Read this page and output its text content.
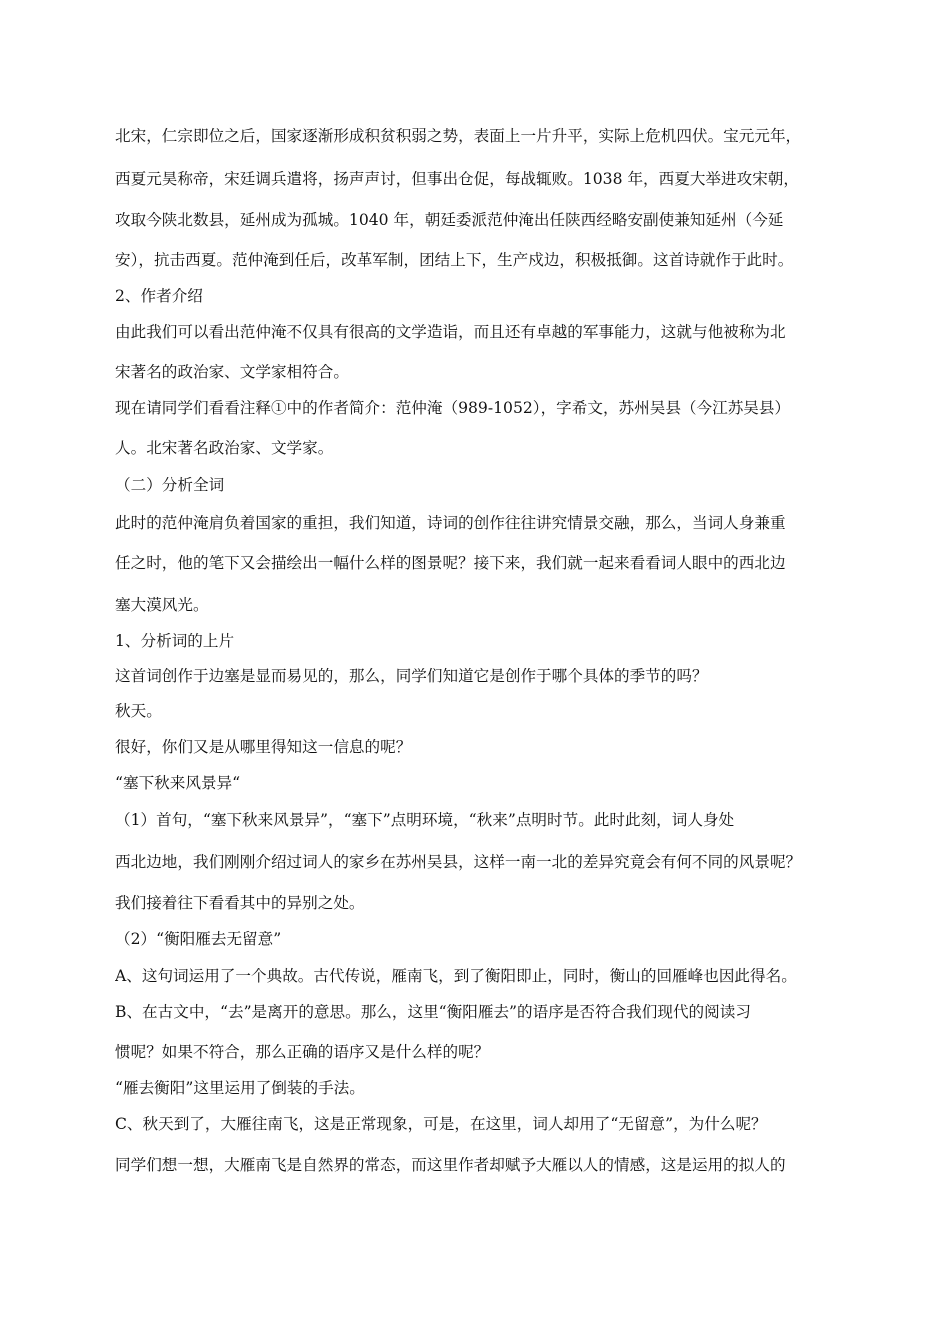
北宋，仁宗即位之后，国家逐渐形成积贫积弱之势，表面上一片升平，实际上危机四伏。宝元元年，
西夏元昊称帝，宋廷调兵遣将，扬声声讨，但事出仓促，每战辄败。1038 年，西夏大举进攻宋朝，
攻取今陕北数县，延州成为孤城。1040 年，朝廷委派范仲淹出任陕西经略安副使兼知延州（今延
安），抗击西夏。范仲淹到任后，改革军制，团结上下，生产戍边，积极抵御。这首诗就作于此时。
2、作者介绍
由此我们可以看出范仲淹不仅具有很高的文学造诣，而且还有卓越的军事能力，这就与他被称为北
宋著名的政治家、文学家相符合。
现在请同学们看看注释①中的作者简介：范仲淹（989-1052），字希文，苏州吴县（今江苏吴县）
人。北宋著名政治家、文学家。
（二）分析全词
此时的范仲淹肩负着国家的重担，我们知道，诗词的创作往往讲究情景交融，那么，当词人身兼重
任之时，他的笔下又会描绘出一幅什么样的图景呢？接下来，我们就一起来看看词人眼中的西北边
塞大漠风光。
1、分析词的上片
这首词创作于边塞是显而易见的，那么，同学们知道它是创作于哪个具体的季节的吗？
秋天。
很好，你们又是从哪里得知这一信息的呢？
“塞下秋来风景异“
（1）首句，“塞下秋来风景异”，“塞下”点明环境，“秋来”点明时节。此时此刻，词人身处
西北边地，我们刚刚介绍过词人的家乡在苏州吴县，这样一南一北的差异究竟会有何不同的风景呢？
我们接着往下看看其中的异别之处。
（2）“衡阳雁去无留意”
A、这句词运用了一个典故。古代传说，雁南飞，到了衡阳即止，同时，衡山的回雁峰也因此得名。
B、在古文中，“去”是离开的意思。那么，这里“衡阳雁去”的语序是否符合我们现代的阅读习
惯呢？如果不符合，那么正确的语序又是什么样的呢？
“雁去衡阳”这里运用了倒装的手法。
C、秋天到了，大雁往南飞，这是正常现象，可是，在这里，词人却用了“无留意”，为什么呢？
同学们想一想，大雁南飞是自然界的常态，而这里作者却赋予大雁以人的情感，这是运用的拟人的
